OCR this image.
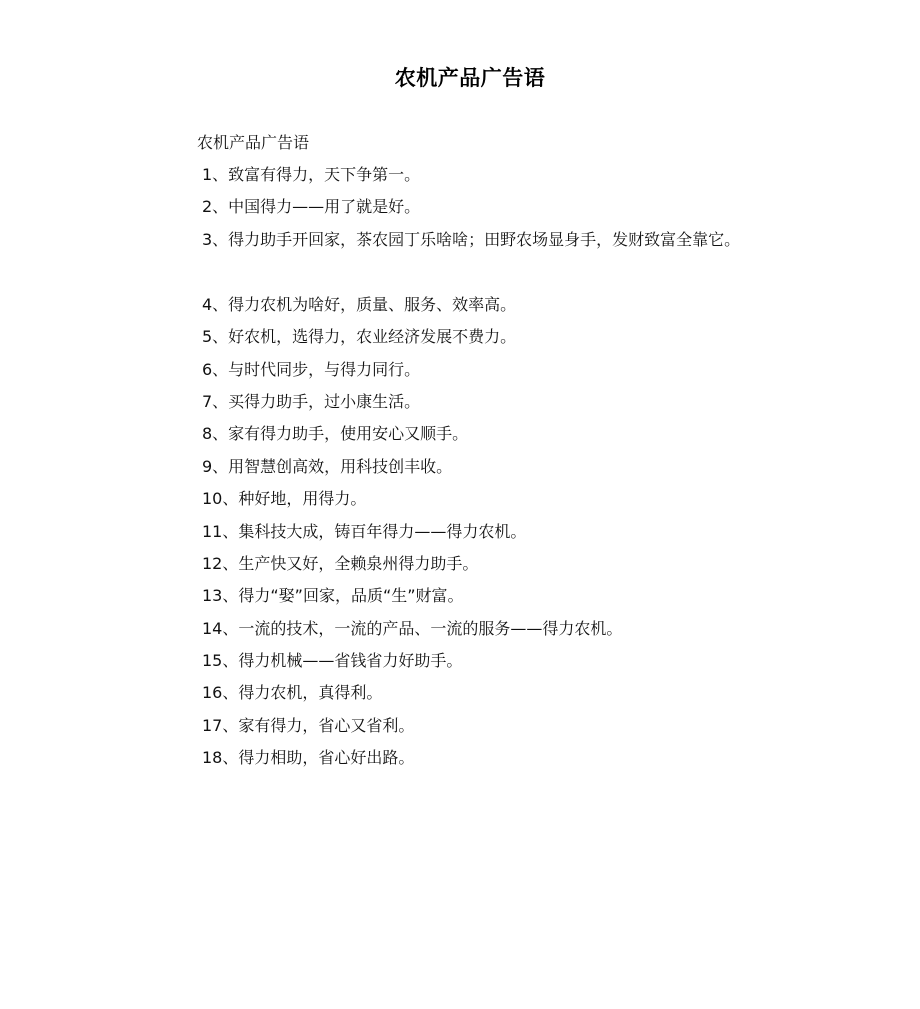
农机产品广告语
农机产品广告语
1、致富有得力，天下争第一。
2、中国得力——用了就是好。
3、得力助手开回家，茶农园丁乐啥啥；田野农场显身手，发财致富全靠它。
4、得力农机为啥好，质量、服务、效率高。
5、好农机，选得力，农业经济发展不费力。
6、与时代同步，与得力同行。
7、买得力助手，过小康生活。
8、家有得力助手，使用安心又顺手。
9、用智慧创高效，用科技创丰收。
10、种好地，用得力。
11、集科技大成，铸百年得力——得力农机。
12、生产快又好，全赖泉州得力助手。
13、得力“娶”回家，品质“生”财富。
14、一流的技术，一流的产品、一流的服务——得力农机。
15、得力机械——省钱省力好助手。
16、得力农机，真得利。
17、家有得力，省心又省利。
18、得力相助，省心好出路。
